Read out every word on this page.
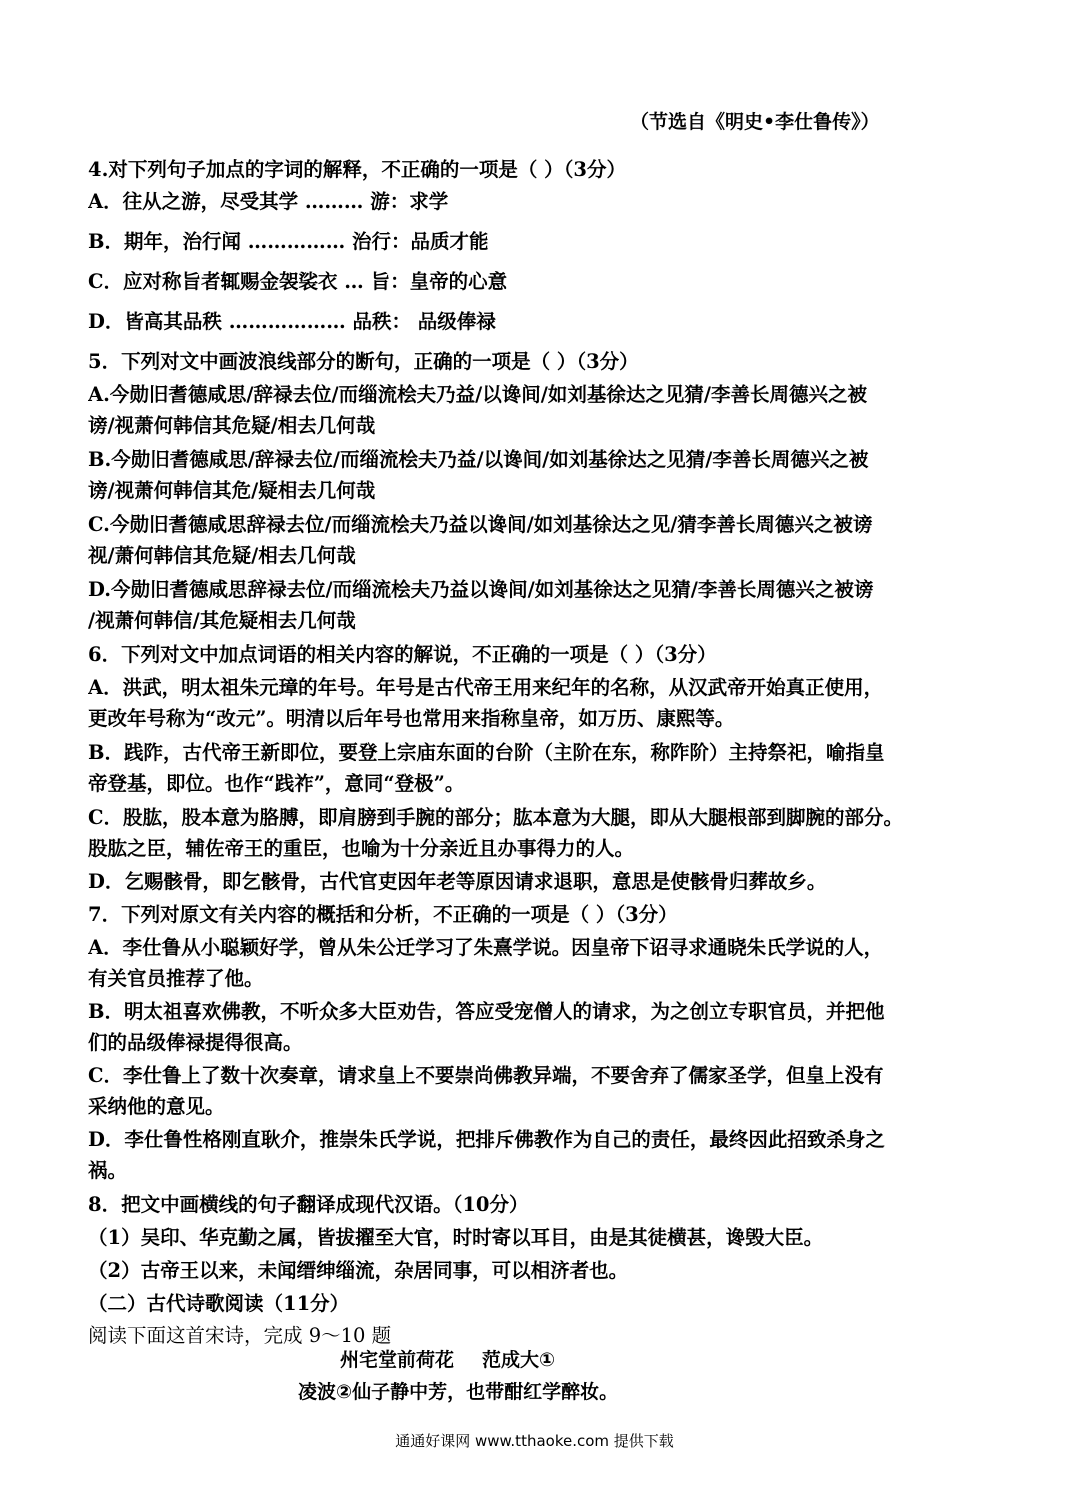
（节选自《明史•李仕鲁传》）
4.对下列句子加点的字词的解释，不正确的一项是（ ）（3分）
A．往从之游，尽受其学 ……… 游：求学
B．期年，治行闻 …………… 治行：品质才能
C．应对称旨者辄赐金袈裟衣 … 旨：皇帝的心意
D．皆高其品秩 ……………… 品秩： 品级俸禄
5．下列对文中画波浪线部分的断句，正确的一项是（ ）（3分）
A.今勋旧耆德咸思/辞禄去位/而缁流桧夫乃益/以谗间/如刘基徐达之见猜/李善长周德兴之被
谤/视萧何韩信其危疑/相去几何哉
B.今勋旧耆德咸思/辞禄去位/而缁流桧夫乃益/以谗间/如刘基徐达之见猜/李善长周德兴之被
谤/视萧何韩信其危/疑相去几何哉
C.今勋旧耆德咸思辞禄去位/而缁流桧夫乃益以谗间/如刘基徐达之见/猜李善长周德兴之被谤
视/萧何韩信其危疑/相去几何哉
D.今勋旧耆德咸思辞禄去位/而缁流桧夫乃益以谗间/如刘基徐达之见猜/李善长周德兴之被谤
/视萧何韩信/其危疑相去几何哉
6．下列对文中加点词语的相关内容的解说，不正确的一项是（ ）（3分）
A．洪武，明太祖朱元璋的年号。年号是古代帝王用来纪年的名称，从汉武帝开始真正使用，
更改年号称为“改元”。明清以后年号也常用来指称皇帝，如万历、康熙等。
B．践阼，古代帝王新即位，要登上宗庙东面的台阶（主阶在东，称阼阶）主持祭祀，喻指皇
帝登基，即位。也作“践祚”，意同“登极”。
C．股肱，股本意为胳膊，即肩膀到手腕的部分；肱本意为大腿，即从大腿根部到脚腕的部分。
股肱之臣，辅佐帝王的重臣，也喻为十分亲近且办事得力的人。
D．乞赐骸骨，即乞骸骨，古代官吏因年老等原因请求退职，意思是使骸骨归葬故乡。
7．下列对原文有关内容的概括和分析，不正确的一项是（ ）（3分）
A．李仕鲁从小聪颖好学，曾从朱公迁学习了朱熹学说。因皇帝下诏寻求通晓朱氏学说的人，
有关官员推荐了他。
B．明太祖喜欢佛教，不听众多大臣劝告，答应受宠僧人的请求，为之创立专职官员，并把他
们的品级俸禄提得很高。
C．李仕鲁上了数十次奏章，请求皇上不要崇尚佛教异端，不要舍弃了儒家圣学，但皇上没有
采纳他的意见。
D．李仕鲁性格刚直耿介，推崇朱氏学说，把排斥佛教作为自己的责任，最终因此招致杀身之
祸。
8．把文中画横线的句子翻译成现代汉语。（10分）
（1）吴印、华克勤之属，皆拔擢至大官，时时寄以耳目，由是其徒横甚，谗毁大臣。
（2）古帝王以来，未闻缙绅缁流，杂居同事，可以相济者也。
（二）古代诗歌阅读（11分）
阅读下面这首宋诗，完成 9～10 题
州宅堂前荷花 范成大①
凌波②仙子静中芳，也带酣红学醉妆。
通通好课网 www.tthaoke.com 提供下载
